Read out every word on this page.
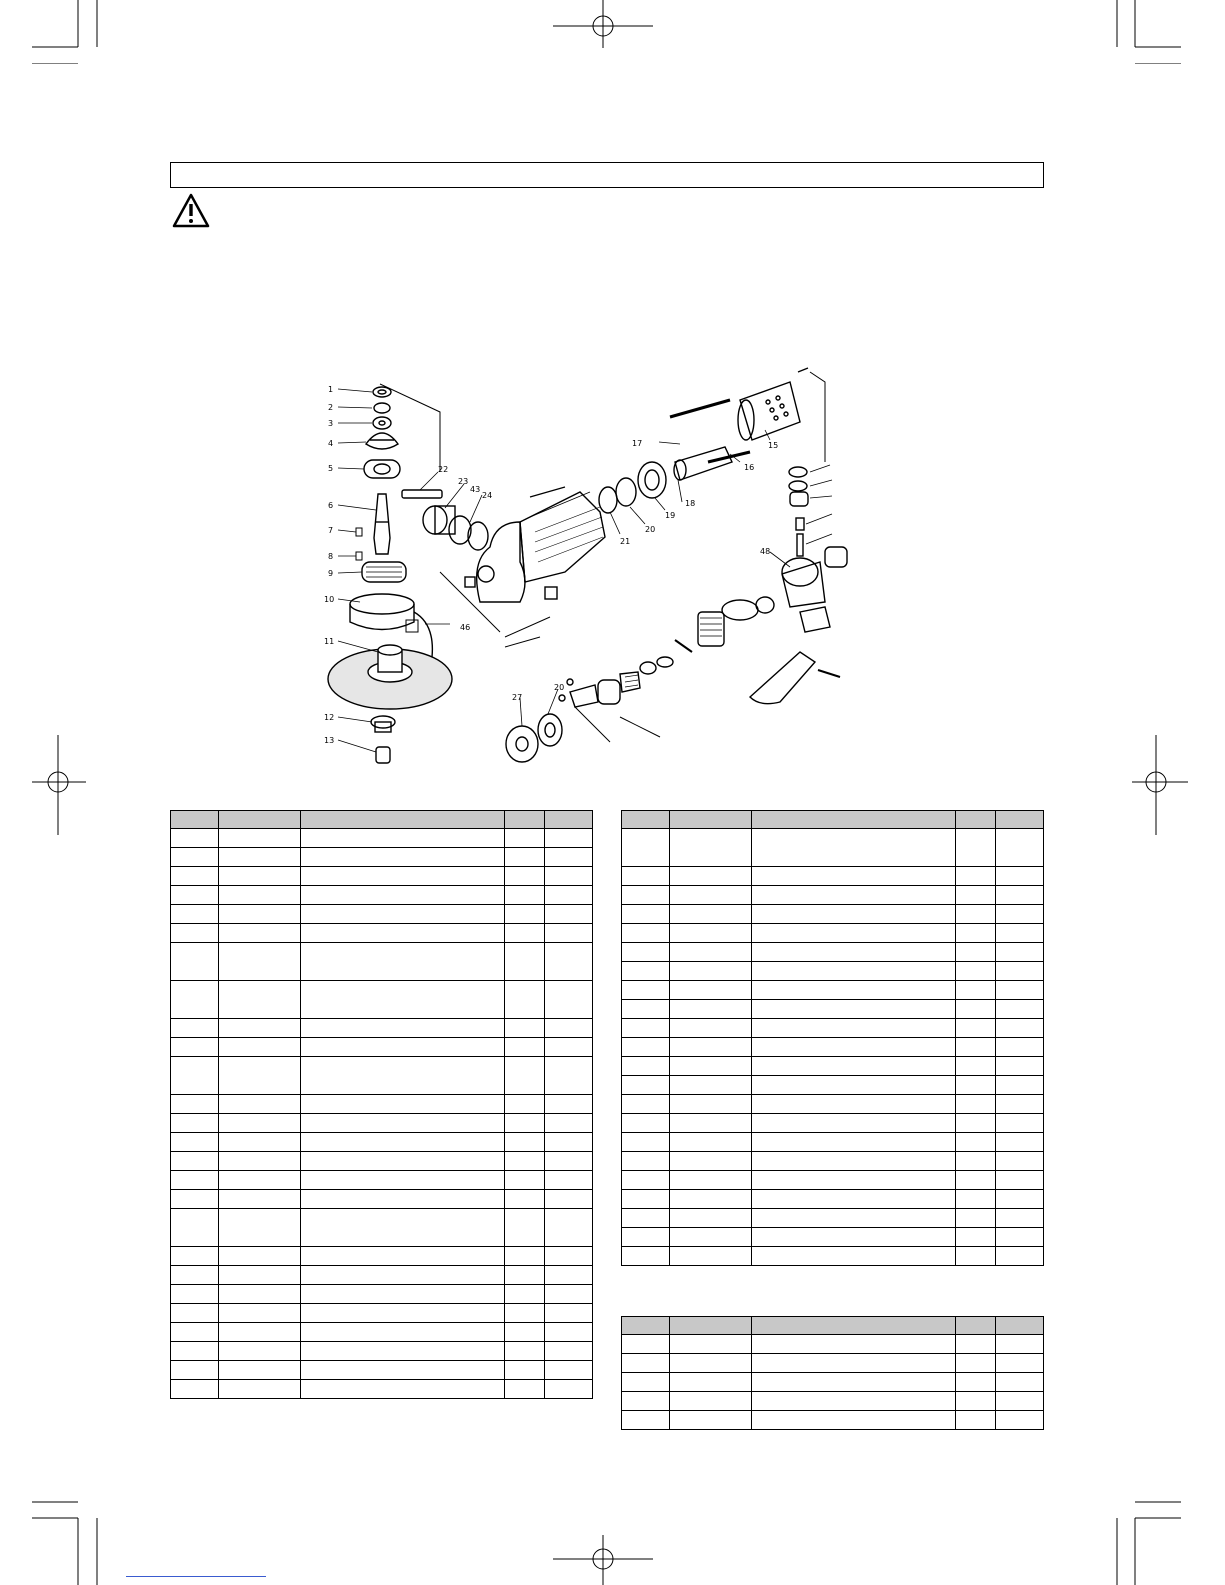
1
2
3
4
5
6
7
8
9
10
11
12
13
22
23
43
24
46
21
20
19
18
17
16
15
48
27
20
